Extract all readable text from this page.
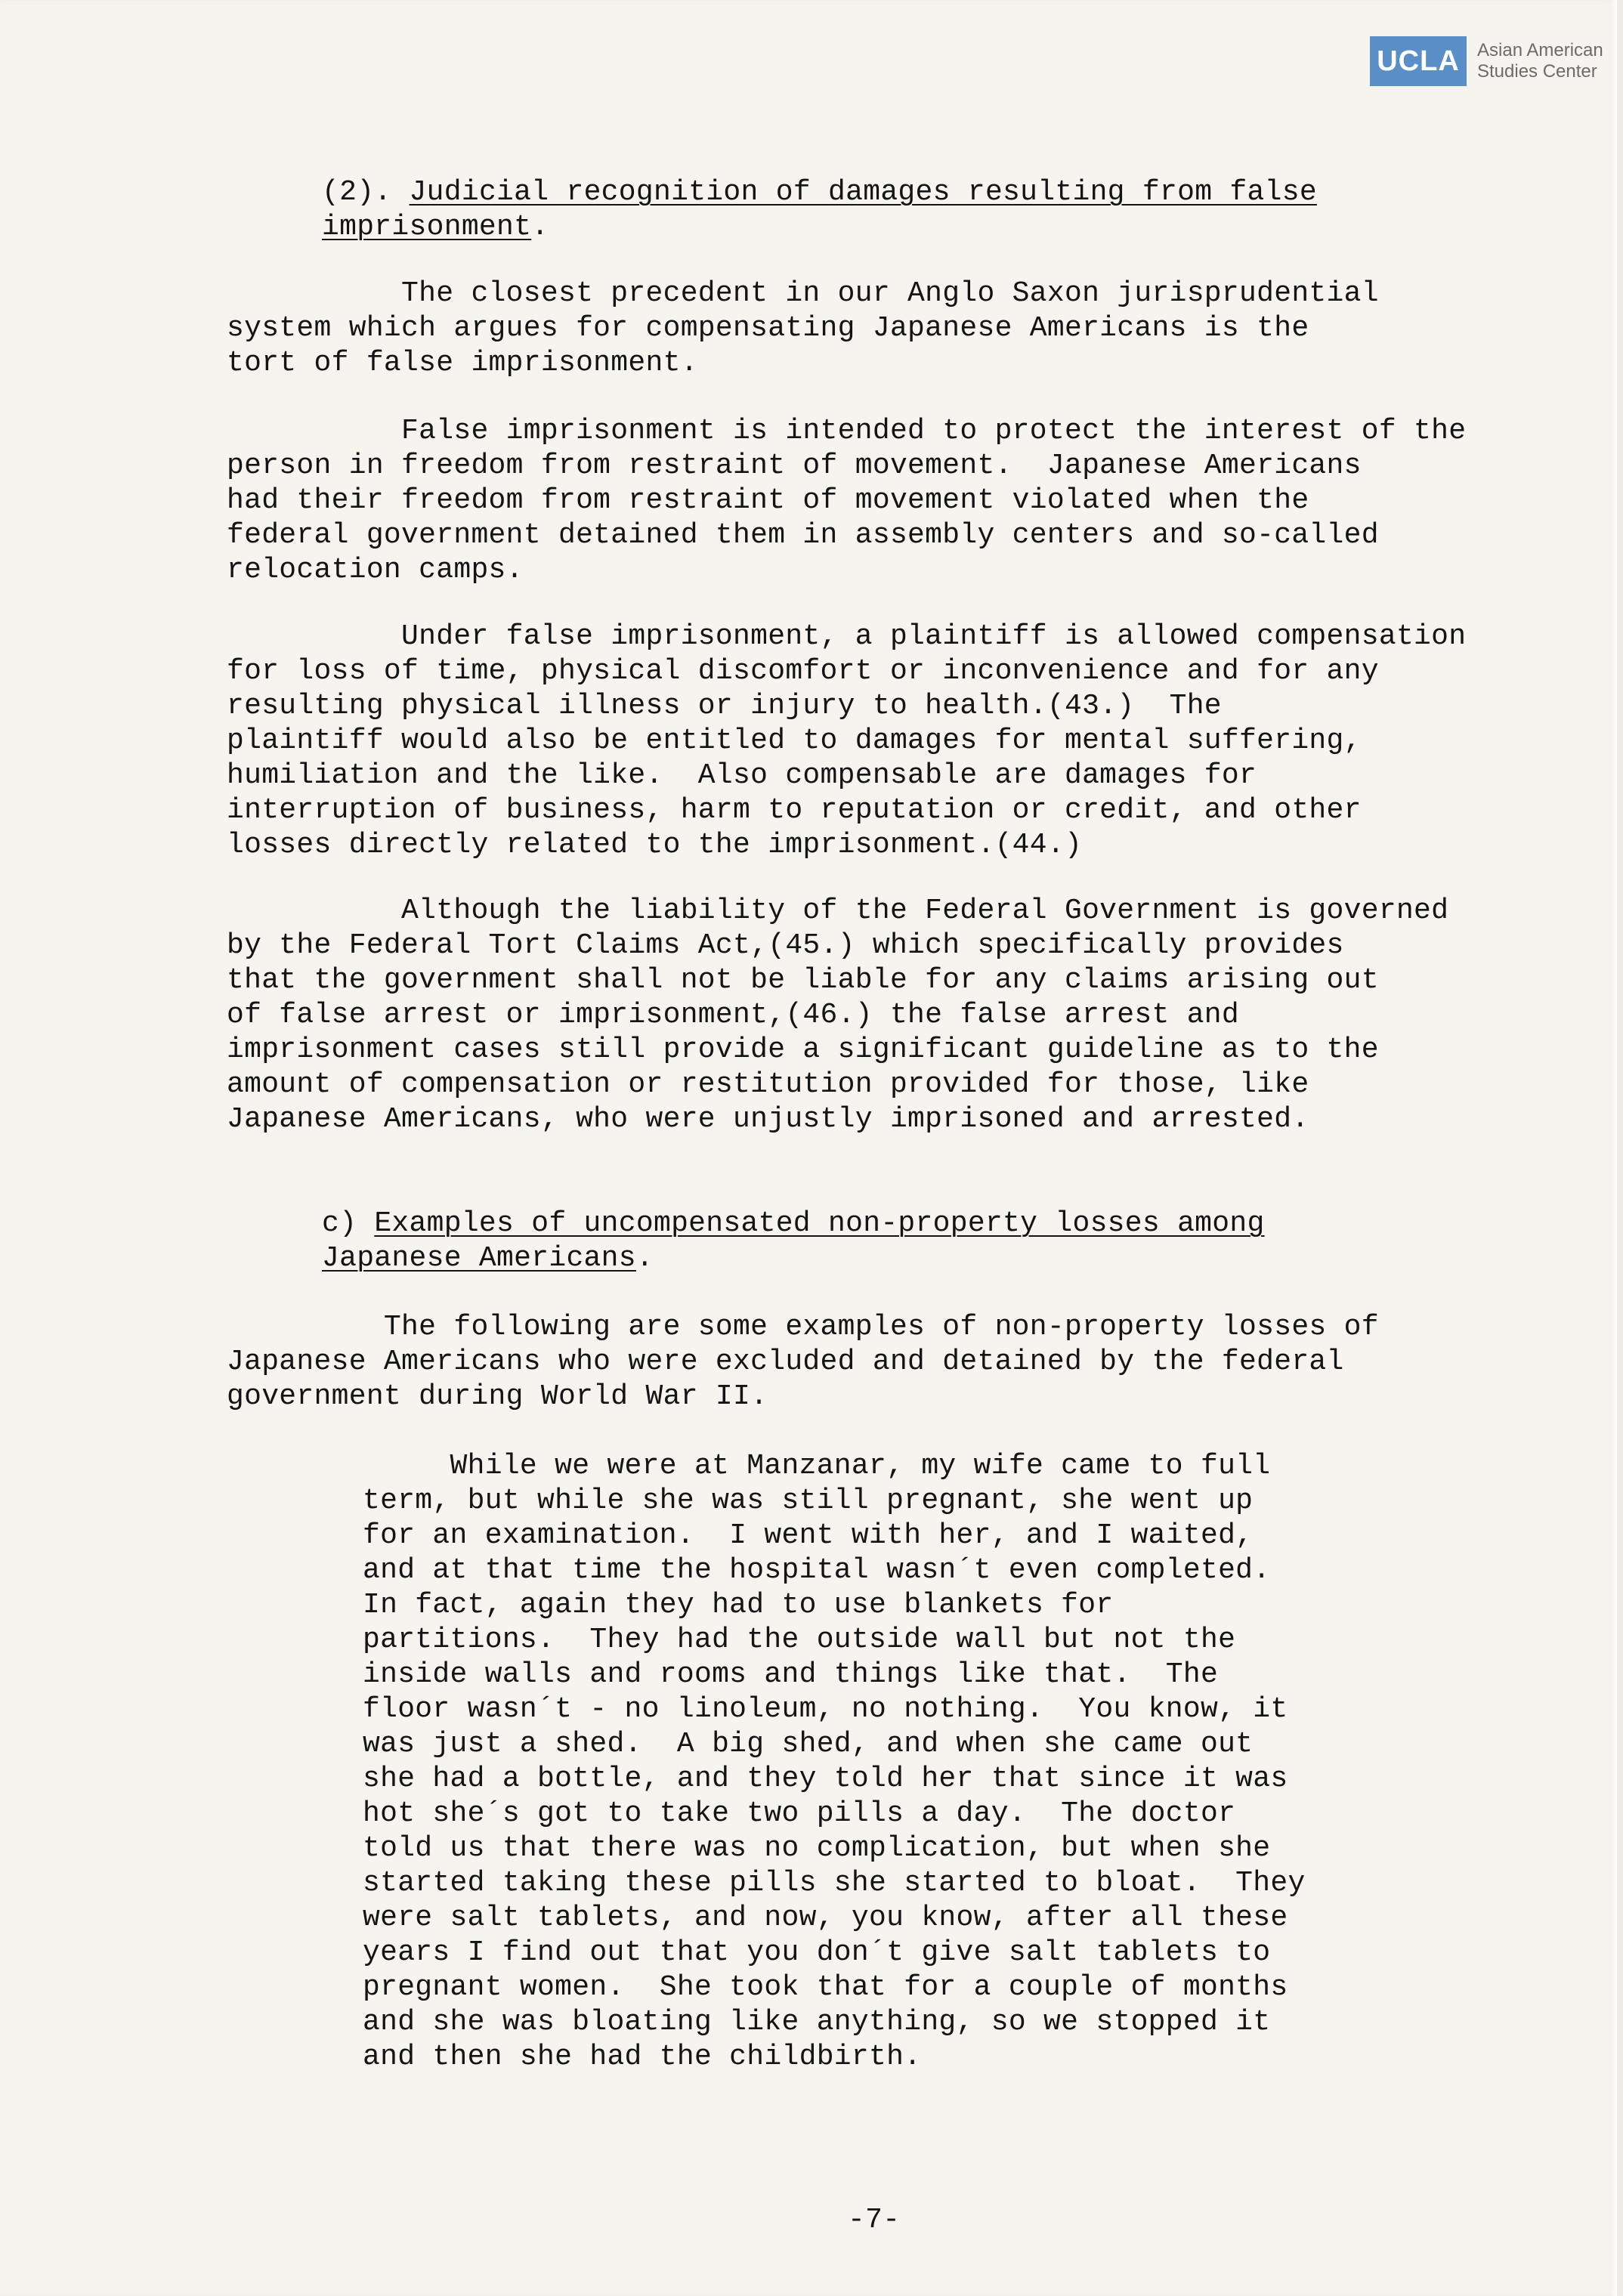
UCLA Asian American
Studies Center
(2). Judicial recognition of damages resulting from false
imprisonment.
The closest precedent in our Anglo Saxon jurisprudential
system which argues for compensating Japanese Americans is the
tort of false imprisonment.
False imprisonment is intended to protect the interest of the
person in freedom from restraint of movement.  Japanese Americans
had their freedom from restraint of movement violated when the
federal government detained them in assembly centers and so-called
relocation camps.
Under false imprisonment, a plaintiff is allowed compensation
for loss of time, physical discomfort or inconvenience and for any
resulting physical illness or injury to health.(43.)  The
plaintiff would also be entitled to damages for mental suffering,
humiliation and the like.  Also compensable are damages for
interruption of business, harm to reputation or credit, and other
losses directly related to the imprisonment.(44.)
Although the liability of the Federal Government is governed
by the Federal Tort Claims Act,(45.) which specifically provides
that the government shall not be liable for any claims arising out
of false arrest or imprisonment,(46.) the false arrest and
imprisonment cases still provide a significant guideline as to the
amount of compensation or restitution provided for those, like
Japanese Americans, who were unjustly imprisoned and arrested.
c) Examples of uncompensated non-property losses among
Japanese Americans.
The following are some examples of non-property losses of
Japanese Americans who were excluded and detained by the federal
government during World War II.
While we were at Manzanar, my wife came to full
term, but while she was still pregnant, she went up
for an examination.  I went with her, and I waited,
and at that time the hospital wasn´t even completed.
In fact, again they had to use blankets for
partitions.  They had the outside wall but not the
inside walls and rooms and things like that.  The
floor wasn´t - no linoleum, no nothing.  You know, it
was just a shed.  A big shed, and when she came out
she had a bottle, and they told her that since it was
hot she´s got to take two pills a day.  The doctor
told us that there was no complication, but when she
started taking these pills she started to bloat.  They
were salt tablets, and now, you know, after all these
years I find out that you don´t give salt tablets to
pregnant women.  She took that for a couple of months
and she was bloating like anything, so we stopped it
and then she had the childbirth.
-7-
